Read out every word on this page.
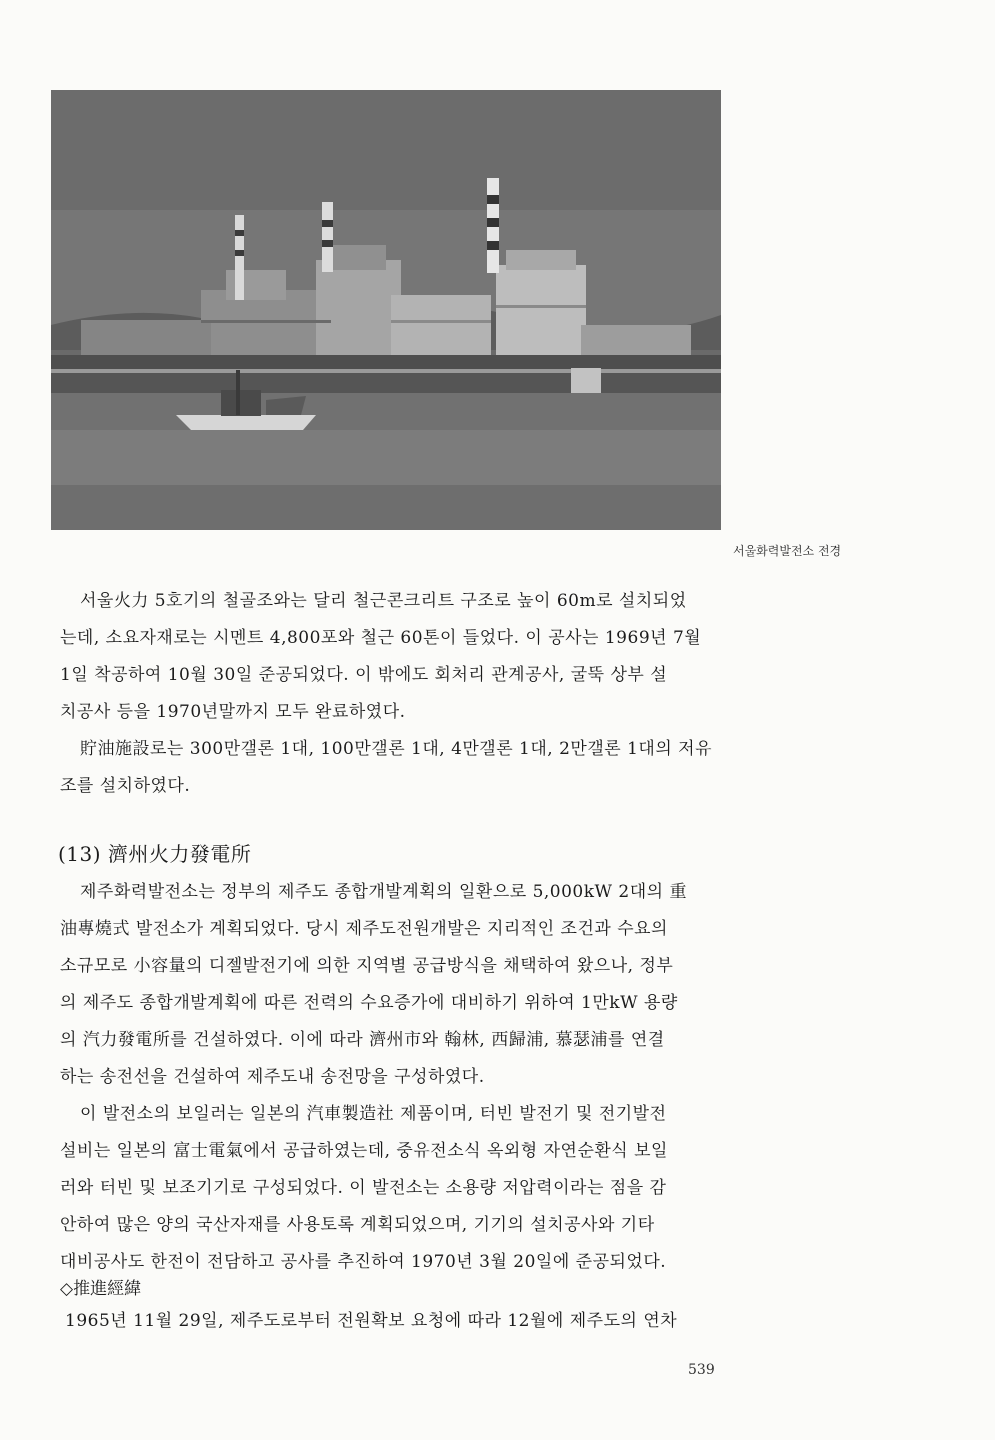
서울화력발전소 전경

서울火力 5호기의 철골조와는 달리 철근콘크리트 구조로 높이 60m로 설치되었
는데, 소요자재로는 시멘트 4,800포와 철근 60톤이 들었다. 이 공사는 1969년 7월
1일 착공하여 10월 30일 준공되었다. 이 밖에도 회처리 관계공사, 굴뚝 상부 설
치공사 등을 1970년말까지 모두 완료하였다.

貯油施設로는 300만갤론 1대, 100만갤론 1대, 4만갤론 1대, 2만갤론 1대의 저유
조를 설치하였다.

(13) 濟州火力發電所

제주화력발전소는 정부의 제주도 종합개발계획의 일환으로 5,000kW 2대의 重
油專燒式 발전소가 계획되었다. 당시 제주도전원개발은 지리적인 조건과 수요의
소규모로 小容量의 디젤발전기에 의한 지역별 공급방식을 채택하여 왔으나, 정부
의 제주도 종합개발계획에 따른 전력의 수요증가에 대비하기 위하여 1만kW 용량
의 汽力發電所를 건설하였다. 이에 따라 濟州市와 翰林, 西歸浦, 慕瑟浦를 연결
하는 송전선을 건설하여 제주도내 송전망을 구성하였다.

이 발전소의 보일러는 일본의 汽車製造社 제품이며, 터빈 발전기 및 전기발전
설비는 일본의 富士電氣에서 공급하였는데, 중유전소식 옥외형 자연순환식 보일
러와 터빈 및 보조기기로 구성되었다. 이 발전소는 소용량 저압력이라는 점을 감
안하여 많은 양의 국산자재를 사용토록 계획되었으며, 기기의 설치공사와 기타
대비공사도 한전이 전담하고 공사를 추진하여 1970년 3월 20일에 준공되었다.

◇推進經緯

1965년 11월 29일, 제주도로부터 전원확보 요청에 따라 12월에 제주도의 연차

539
